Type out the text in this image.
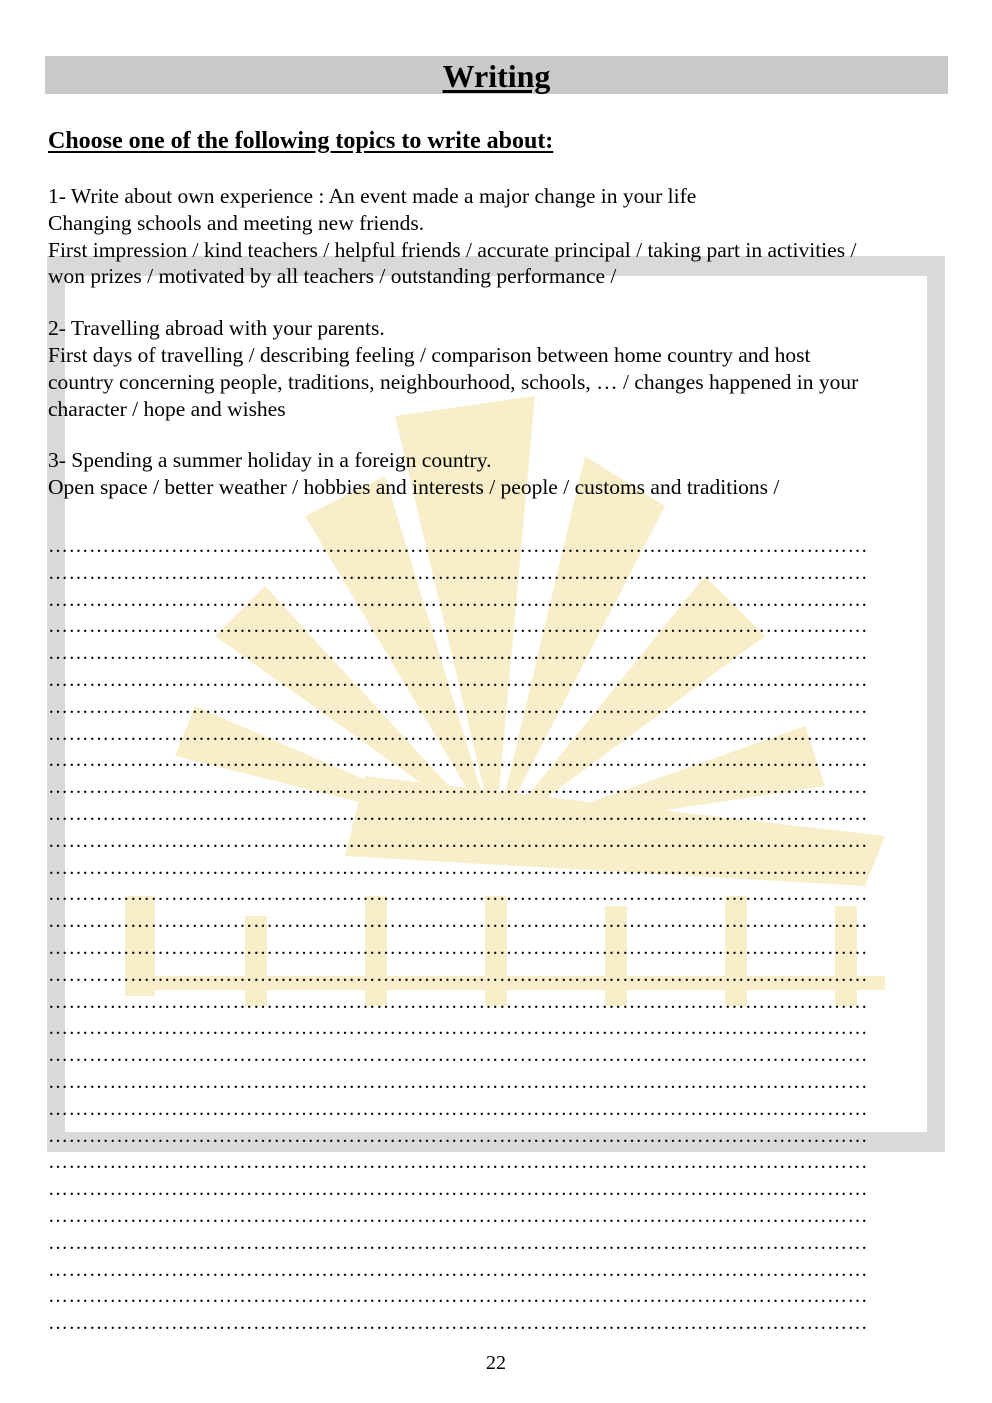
Writing

Choose one of the following topics to write about:

1- Write about own experience : An event made a major change in your life

Changing schools and meeting new friends.

First impression / kind teachers / helpful friends / accurate principal / taking part in activities /

won prizes / motivated by all teachers / outstanding performance /

2- Travelling abroad with your parents.

First days of travelling / describing feeling / comparison between home country and host

country concerning people, traditions, neighbourhood, schools, … / changes happened in your

character / hope and wishes

3- Spending a summer holiday in a foreign country.

Open space / better weather / hobbies and interests / people / customs and traditions /

…………………………………………………………………………………………………………
…………………………………………………………………………………………………………
…………………………………………………………………………………………………………
…………………………………………………………………………………………………………
…………………………………………………………………………………………………………
…………………………………………………………………………………………………………
…………………………………………………………………………………………………………
…………………………………………………………………………………………………………
…………………………………………………………………………………………………………
…………………………………………………………………………………………………………
…………………………………………………………………………………………………………
…………………………………………………………………………………………………………
…………………………………………………………………………………………………………
…………………………………………………………………………………………………………
…………………………………………………………………………………………………………
…………………………………………………………………………………………………………
…………………………………………………………………………………………………………
…………………………………………………………………………………………………………
…………………………………………………………………………………………………………
…………………………………………………………………………………………………………
…………………………………………………………………………………………………………
…………………………………………………………………………………………………………
…………………………………………………………………………………………………………
…………………………………………………………………………………………………………
…………………………………………………………………………………………………………
…………………………………………………………………………………………………………
…………………………………………………………………………………………………………
…………………………………………………………………………………………………………
…………………………………………………………………………………………………………
…………………………………………………………………………………………………………
22
